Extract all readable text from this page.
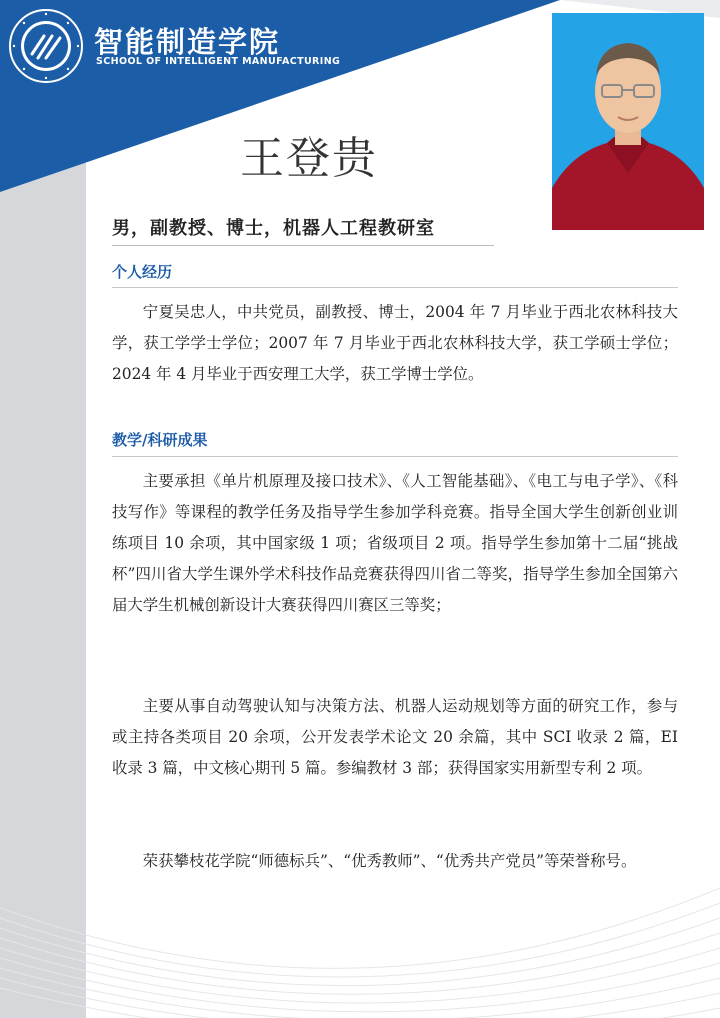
智能制造学院
SCHOOL OF INTELLIGENT MANUFACTURING
王登贵
男，副教授、博士，机器人工程教研室
个人经历

宁夏吴忠人，中共党员，副教授、博士，2004 年 7 月毕业于西北农林科技大学，获工学学士学位；2007 年 7 月毕业于西北农林科技大学，获工学硕士学位；2024 年 4 月毕业于西安理工大学，获工学博士学位。

教学/科研成果

主要承担《单片机原理及接口技术》、《人工智能基础》、《电工与电子学》、《科技写作》等课程的教学任务及指导学生参加学科竞赛。指导全国大学生创新创业训练项目 10 余项，其中国家级 1 项；省级项目 2 项。指导学生参加第十二届“挑战杯”四川省大学生课外学术科技作品竞赛获得四川省二等奖，指导学生参加全国第六届大学生机械创新设计大赛获得四川赛区三等奖；

主要从事自动驾驶认知与决策方法、机器人运动规划等方面的研究工作，参与或主持各类项目 20 余项，公开发表学术论文 20 余篇，其中 SCI 收录 2 篇，EI 收录 3 篇，中文核心期刊 5 篇。参编教材 3 部；获得国家实用新型专利 2 项。

荣获攀枝花学院“师德标兵”、“优秀教师”、“优秀共产党员”等荣誉称号。
